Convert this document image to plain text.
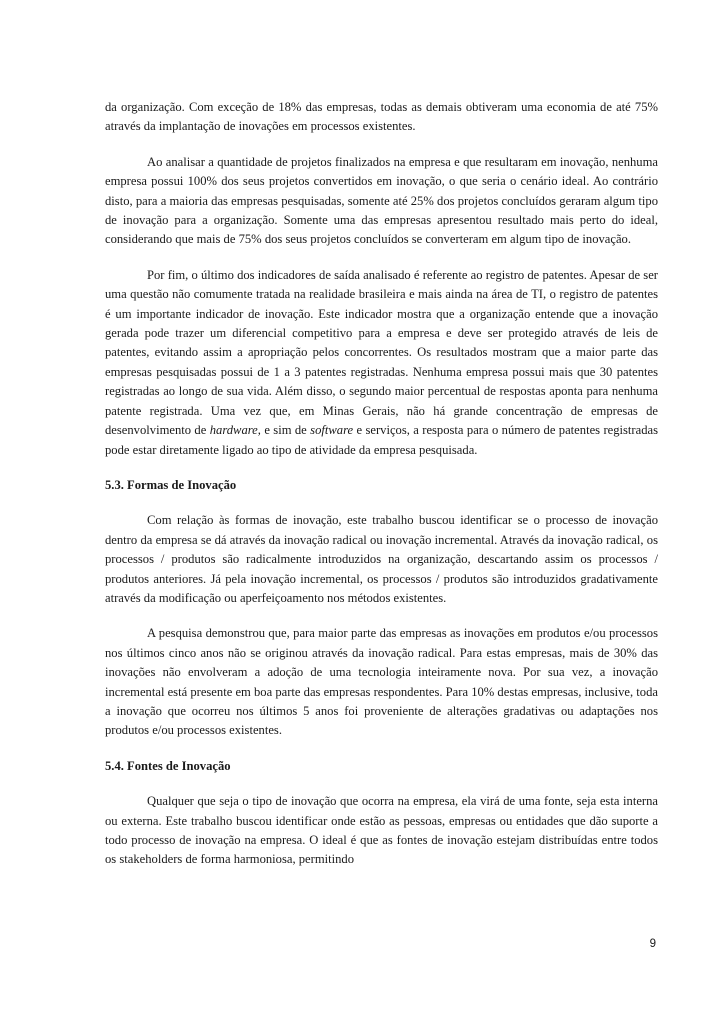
da organização. Com exceção de 18% das empresas, todas as demais obtiveram uma economia de até 75% através da implantação de inovações em processos existentes.

Ao analisar a quantidade de projetos finalizados na empresa e que resultaram em inovação, nenhuma empresa possui 100% dos seus projetos convertidos em inovação, o que seria o cenário ideal. Ao contrário disto, para a maioria das empresas pesquisadas, somente até 25% dos projetos concluídos geraram algum tipo de inovação para a organização. Somente uma das empresas apresentou resultado mais perto do ideal, considerando que mais de 75% dos seus projetos concluídos se converteram em algum tipo de inovação.

Por fim, o último dos indicadores de saída analisado é referente ao registro de patentes. Apesar de ser uma questão não comumente tratada na realidade brasileira e mais ainda na área de TI, o registro de patentes é um importante indicador de inovação. Este indicador mostra que a organização entende que a inovação gerada pode trazer um diferencial competitivo para a empresa e deve ser protegido através de leis de patentes, evitando assim a apropriação pelos concorrentes. Os resultados mostram que a maior parte das empresas pesquisadas possui de 1 a 3 patentes registradas. Nenhuma empresa possui mais que 30 patentes registradas ao longo de sua vida. Além disso, o segundo maior percentual de respostas aponta para nenhuma patente registrada. Uma vez que, em Minas Gerais, não há grande concentração de empresas de desenvolvimento de hardware, e sim de software e serviços, a resposta para o número de patentes registradas pode estar diretamente ligado ao tipo de atividade da empresa pesquisada.

5.3. Formas de Inovação

Com relação às formas de inovação, este trabalho buscou identificar se o processo de inovação dentro da empresa se dá através da inovação radical ou inovação incremental. Através da inovação radical, os processos / produtos são radicalmente introduzidos na organização, descartando assim os processos / produtos anteriores. Já pela inovação incremental, os processos / produtos são introduzidos gradativamente através da modificação ou aperfeiçoamento nos métodos existentes.

A pesquisa demonstrou que, para maior parte das empresas as inovações em produtos e/ou processos nos últimos cinco anos não se originou através da inovação radical. Para estas empresas, mais de 30% das inovações não envolveram a adoção de uma tecnologia inteiramente nova. Por sua vez, a inovação incremental está presente em boa parte das empresas respondentes. Para 10% destas empresas, inclusive, toda a inovação que ocorreu nos últimos 5 anos foi proveniente de alterações gradativas ou adaptações nos produtos e/ou processos existentes.

5.4. Fontes de Inovação

Qualquer que seja o tipo de inovação que ocorra na empresa, ela virá de uma fonte, seja esta interna ou externa. Este trabalho buscou identificar onde estão as pessoas, empresas ou entidades que dão suporte a todo processo de inovação na empresa. O ideal é que as fontes de inovação estejam distribuídas entre todos os stakeholders de forma harmoniosa, permitindo

9
